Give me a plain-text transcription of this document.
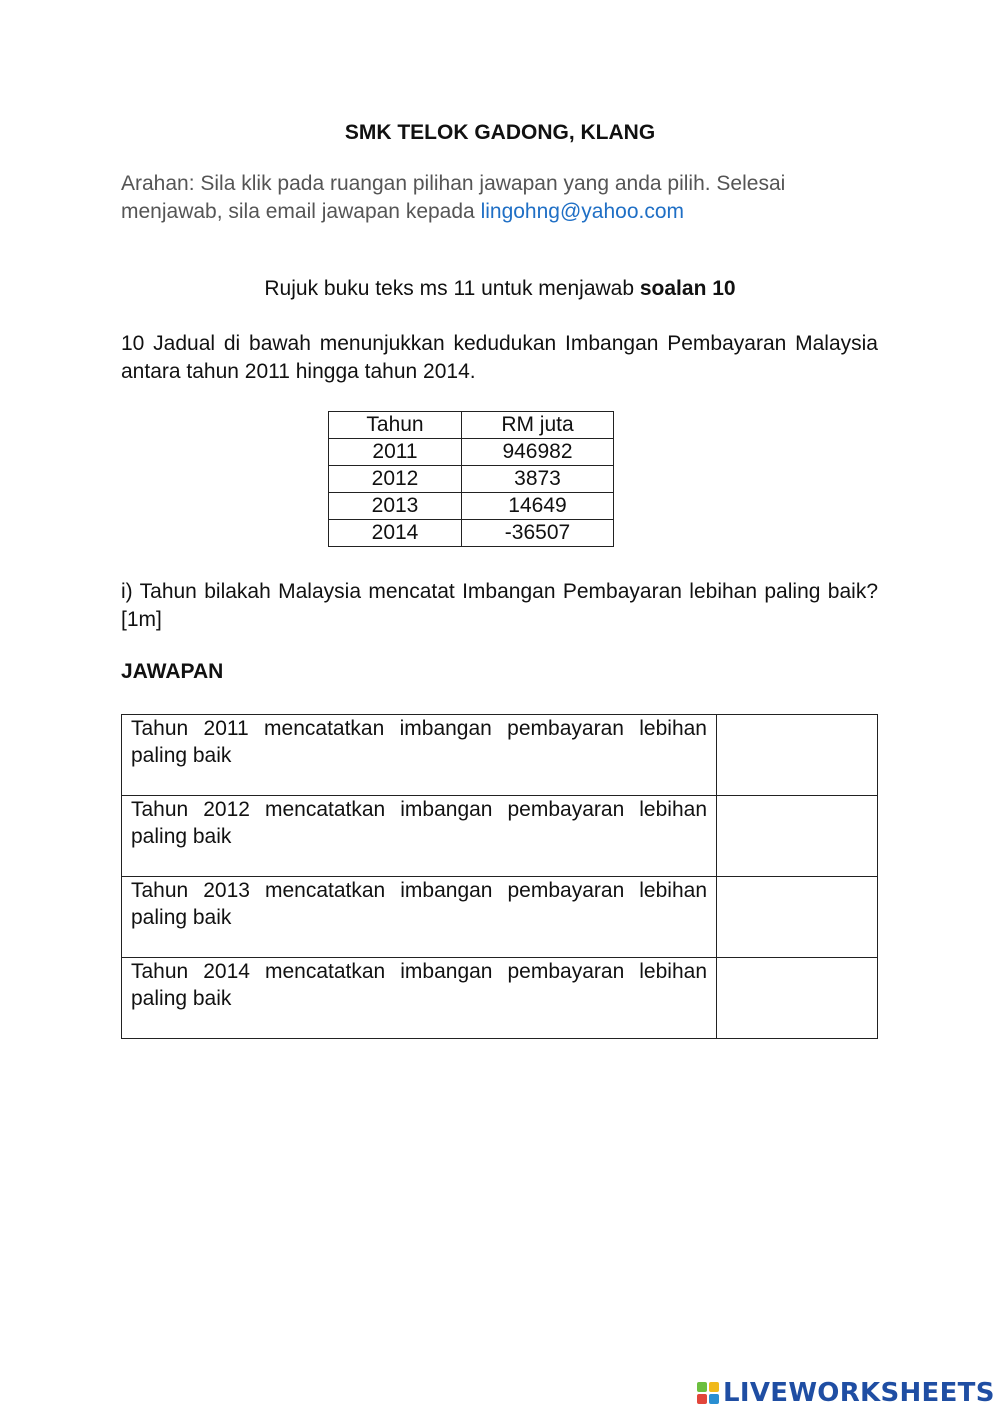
SMK TELOK GADONG, KLANG
Arahan: Sila klik pada ruangan pilihan jawapan yang anda pilih. Selesai menjawab, sila email jawapan kepada lingohng@yahoo.com
Rujuk buku teks ms 11 untuk menjawab soalan 10
10 Jadual di bawah menunjukkan kedudukan Imbangan Pembayaran Malaysia antara tahun 2011 hingga tahun 2014.
Tahun	RM juta
2011	946982
2012	3873
2013	14649
2014	-36507
i) Tahun bilakah Malaysia mencatat Imbangan Pembayaran lebihan paling baik? [1m]
JAWAPAN
Tahun 2011 mencatatkan imbangan pembayaran lebihan paling baik	

Tahun 2012 mencatatkan imbangan pembayaran lebihan paling baik	

Tahun 2013 mencatatkan imbangan pembayaran lebihan paling baik	

Tahun 2014 mencatatkan imbangan pembayaran lebihan paling baik	

LIVEWORKSHEETS
